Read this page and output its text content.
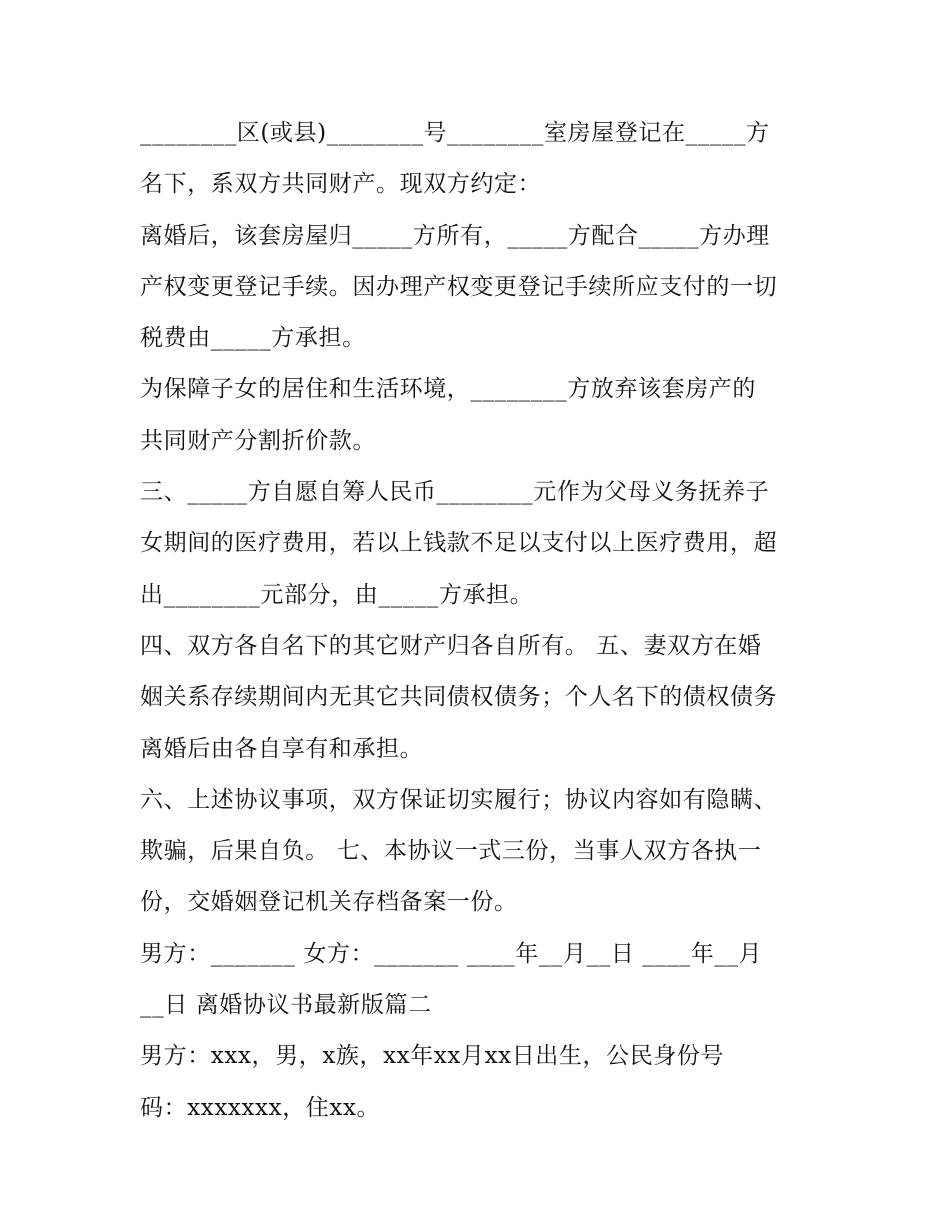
________区(或县)________号________室房屋登记在_____方
名下，系双方共同财产。现双方约定：
离婚后，该套房屋归_____方所有，_____方配合_____方办理
产权变更登记手续。因办理产权变更登记手续所应支付的一切
税费由_____方承担。
为保障子女的居住和生活环境，________方放弃该套房产的
共同财产分割折价款。
三、_____方自愿自筹人民币________元作为父母义务抚养子
女期间的医疗费用，若以上钱款不足以支付以上医疗费用，超
出________元部分，由_____方承担。
四、双方各自名下的其它财产归各自所有。 五、妻双方在婚
姻关系存续期间内无其它共同债权债务；个人名下的债权债务
离婚后由各自享有和承担。
六、上述协议事项，双方保证切实履行；协议内容如有隐瞒、
欺骗，后果自负。 七、本协议一式三份，当事人双方各执一
份，交婚姻登记机关存档备案一份。
男方：_______ 女方：_______ ____年__月__日 ____年__月
__日 离婚协议书最新版篇二
男方：xxx，男，x族，xx年xx月xx日出生，公民身份号
码：xxxxxxx，住xx。
